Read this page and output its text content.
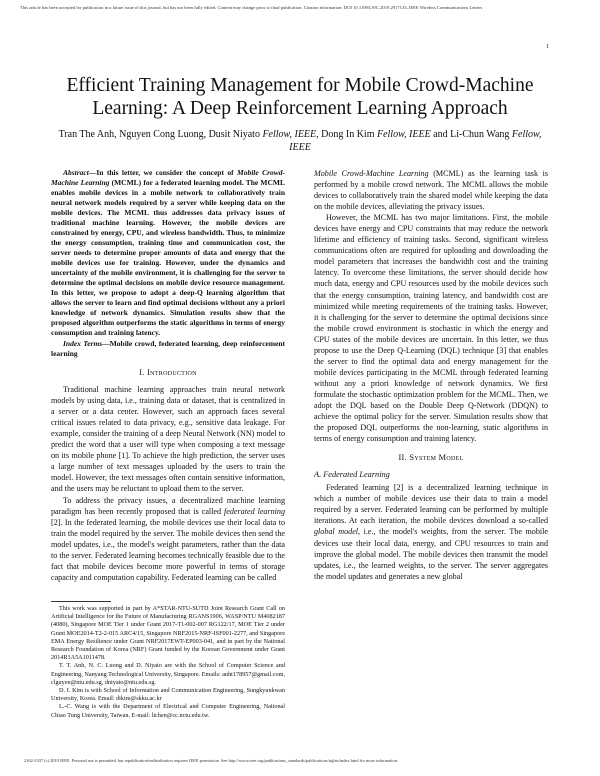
This article has been accepted for publication in a future issue of this journal, but has not been fully edited. Content may change prior to final publication. Citation information: DOI 10.1109/LWC.2019.2917133, IEEE Wireless Communications Letters
1
Efficient Training Management for Mobile Crowd-Machine Learning: A Deep Reinforcement Learning Approach
Tran The Anh, Nguyen Cong Luong, Dusit Niyato Fellow, IEEE, Dong In Kim Fellow, IEEE and Li-Chun Wang Fellow, IEEE

Abstract—In this letter, we consider the concept of Mobile Crowd-Machine Learning (MCML) for a federated learning model. The MCML enables mobile devices in a mobile network to collaboratively train neural network models required by a server while keeping data on the mobile devices. The MCML thus addresses data privacy issues of traditional machine learning. However, the mobile devices are constrained by energy, CPU, and wireless bandwidth. Thus, to minimize the energy consumption, training time and communication cost, the server needs to determine proper amounts of data and energy that the mobile devices use for training. However, under the dynamics and uncertainty of the mobile environment, it is challenging for the server to determine the optimal decisions on mobile device resource management. In this letter, we propose to adopt a deep-Q learning algorithm that allows the server to learn and find optimal decisions without any a priori knowledge of network dynamics. Simulation results show that the proposed algorithm outperforms the static algorithms in terms of energy consumption and training latency.

Index Terms—Mobile crowd, federated learning, deep reinforcement learning

I. Introduction

Traditional machine learning approaches train neural network models by using data, i.e., training data or dataset, that is centralized in a server or a data center. However, such an approach faces several critical issues related to data privacy, e.g., sensitive data leakage. For example, consider the training of a deep Neural Network (NN) model to predict the word that a user will type when composing a text message on its mobile phone [1]. To achieve the high prediction, the server uses a large number of text messages uploaded by the users to train the model. However, the text messages often contain sensitive information, and the users may be reluctant to upload them to the server.

To address the privacy issues, a decentralized machine learning paradigm has been recently proposed that is called federated learning [2]. In the federated learning, the mobile devices use their local data to train the model required by the server. The mobile devices then send the model updates, i.e., the model's weight parameters, rather than the data to the server. Federated learning becomes technically feasible due to the fact that mobile devices become more powerful in terms of storage capacity and computation capability. Federated learning can be called

This work was supported in part by A*STAR-NTU-SUTD Joint Research Grant Call on Artificial Intelligence for the Future of Manufacturing RGANS1906, WASP/NTU M4082187 (4080), Singapore MOE Tier 1 under Grant 2017-T1-002-007 RG122/17, MOE Tier 2 under Grant MOE2014-T2-2-015 ARC4/15, Singapore NRF2015-NRF-ISF001-2277, and Singapore EMA Energy Resilience under Grant NRF2017EWT-EP003-041, and in part by the National Research Foundation of Korea (NRF) Grant funded by the Korean Government under Grant 2014R1A5A1011478.

T. T. Anh, N. C. Luong and D. Niyato are with the School of Computer Science and Engineering, Nanyang Technological University, Singapore. Emails: anht178957@gmail.com, clguyen@ntu.edu.sg, dniyato@ntu.edu.sg.

D. I. Kim is with School of Information and Communication Engineering, Sungkyunkwan University, Korea. Email: dikim@skku.ac.kr

L.-C. Wang is with the Department of Electrical and Computer Engineering, National Chiao Tung University, Taiwan. E-mail: lichen@cc.nctu.edu.tw.

Mobile Crowd-Machine Learning (MCML) as the learning task is performed by a mobile crowd network. The MCML allows the mobile devices to collaboratively train the shared model while keeping the data on the mobile devices, alleviating the privacy issues.

However, the MCML has two major limitations. First, the mobile devices have energy and CPU constraints that may reduce the network lifetime and efficiency of training tasks. Second, significant wireless communications often are required for uploading and downloading the model parameters that increases the bandwidth cost and the training latency. To overcome these limitations, the server should decide how much data, energy and CPU resources used by the mobile devices such that the energy consumption, training latency, and bandwidth cost are minimized while meeting requirements of the training tasks. However, it is challenging for the server to determine the optimal decisions since the mobile crowd environment is stochastic in which the energy and CPU states of the mobile devices are uncertain. In this letter, we thus propose to use the Deep Q-Learning (DQL) technique [3] that enables the server to find the optimal data and energy management for the mobile devices participating in the MCML through federated learning without any a priori knowledge of network dynamics. We first formulate the stochastic optimization problem for the MCML. Then, we adopt the DQL based on the Double Deep Q-Network (DDQN) to achieve the optimal policy for the server. Simulation results show that the proposed DQL outperforms the non-learning, static algorithms in terms of energy consumption and training latency.

II. System Model
A. Federated Learning

Federated learning [2] is a decentralized learning technique in which a number of mobile devices use their data to train a model required by a server. Federated learning can be performed by multiple iterations. At each iteration, the mobile devices download a so-called global model, i.e., the model's weights, from the server. The mobile devices use their local data, energy, and CPU resources to train and improve the global model. The mobile devices then transmit the model updates, i.e., the learned weights, to the server. The server aggregates the model updates and generates a new global

2162-2337 (c) 2019 IEEE. Personal use is permitted, but republication/redistribution requires IEEE permission. See http://www.ieee.org/publications_standards/publications/rights/index.html for more information.
